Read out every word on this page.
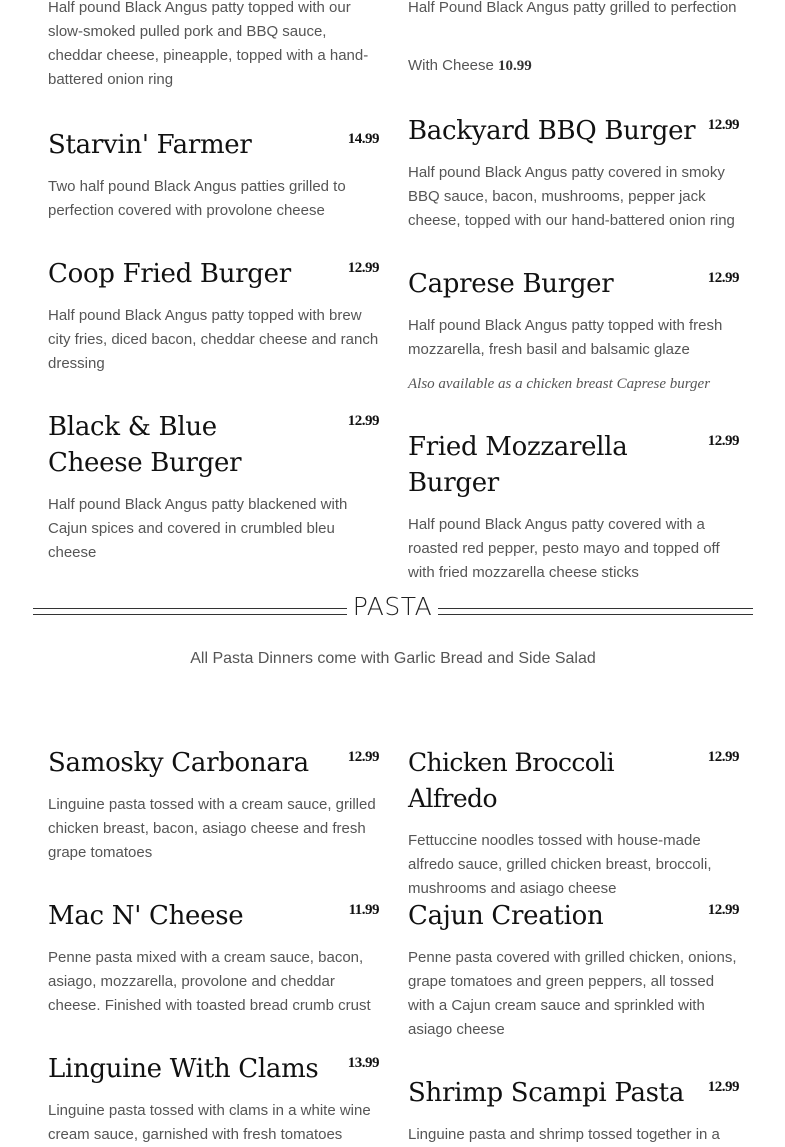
Half pound Black Angus patty topped with our slow-smoked pulled pork and BBQ sauce, cheddar cheese, pineapple, topped with a hand-battered onion ring
Half Pound Black Angus patty grilled to perfection
With Cheese 10.99
Starvin' Farmer	14.99
Two half pound Black Angus patties grilled to perfection covered with provolone cheese
Coop Fried Burger	12.99
Half pound Black Angus patty topped with brew city fries, diced bacon, cheddar cheese and ranch dressing
Black & Blue Cheese Burger
12.99
Half pound Black Angus patty blackened with Cajun spices and covered in crumbled bleu cheese
Backyard BBQ Burger 12.99
Half pound Black Angus patty covered in smoky BBQ sauce, bacon, mushrooms, pepper jack cheese, topped with our hand-battered onion ring
Caprese Burger	12.99
Half pound Black Angus patty topped with fresh mozzarella, fresh basil and balsamic glaze
Also available as a chicken breast Caprese burger
Fried Mozzarella Burger
12.99
Half pound Black Angus patty covered with a roasted red pepper, pesto mayo and topped off with fried mozzarella cheese sticks
PASTA
All Pasta Dinners come with Garlic Bread and Side Salad
Samosky Carbonara	12.99
Linguine pasta tossed with a cream sauce, grilled chicken breast, bacon, asiago cheese and fresh grape tomatoes
Mac N' Cheese	11.99
Penne pasta mixed with a cream sauce, bacon, asiago, mozzarella, provolone and cheddar cheese. Finished with toasted bread crumb crust
Linguine With Clams 13.99
Linguine pasta tossed with clams in a white wine cream sauce, garnished with fresh tomatoes
Chicken Broccoli Alfredo
12.99
Fettuccine noodles tossed with house-made alfredo sauce, grilled chicken breast, broccoli, mushrooms and asiago cheese
Cajun Creation	12.99
Penne pasta covered with grilled chicken, onions, grape tomatoes and green peppers, all tossed with a Cajun cream sauce and sprinkled with asiago cheese
Shrimp Scampi Pasta 12.99
Linguine pasta and shrimp tossed together in a
